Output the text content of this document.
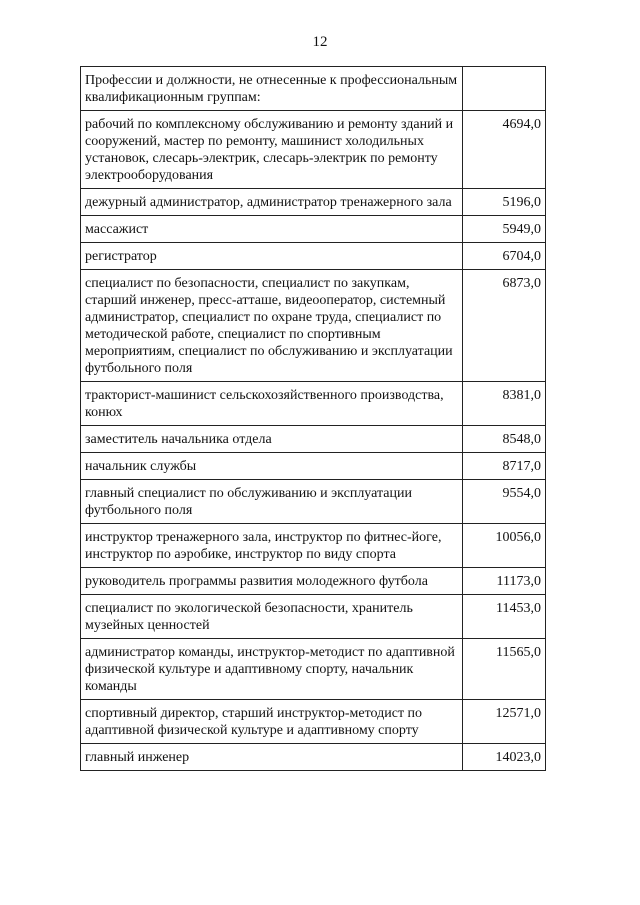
12
Профессии и должности, не отнесенные к профессиональным квалификационным группам:	
рабочий по комплексному обслуживанию и ремонту зданий и сооружений, мастер по ремонту, машинист холодильных установок, слесарь-электрик, слесарь-электрик по ремонту электрооборудования	4694,0
дежурный администратор, администратор тренажерного зала	5196,0
массажист	5949,0
регистратор	6704,0
специалист по безопасности, специалист по закупкам, старший инженер, пресс-атташе, видеооператор, системный администратор, специалист по охране труда, специалист по методической работе, специалист по спортивным мероприятиям, специалист по обслуживанию и эксплуатации футбольного поля	6873,0
тракторист-машинист сельскохозяйственного производства, конюх	8381,0
заместитель начальника отдела	8548,0
начальник службы	8717,0
главный специалист по обслуживанию и эксплуатации футбольного поля	9554,0
инструктор тренажерного зала, инструктор по фитнес-йоге, инструктор по аэробике, инструктор по виду спорта	10056,0
руководитель программы развития молодежного футбола	11173,0
специалист по экологической безопасности, хранитель музейных ценностей	11453,0
администратор команды, инструктор-методист по адаптивной физической культуре и адаптивному спорту, начальник команды	11565,0
спортивный директор, старший инструктор-методист по адаптивной физической культуре и адаптивному спорту	12571,0
главный инженер	14023,0
